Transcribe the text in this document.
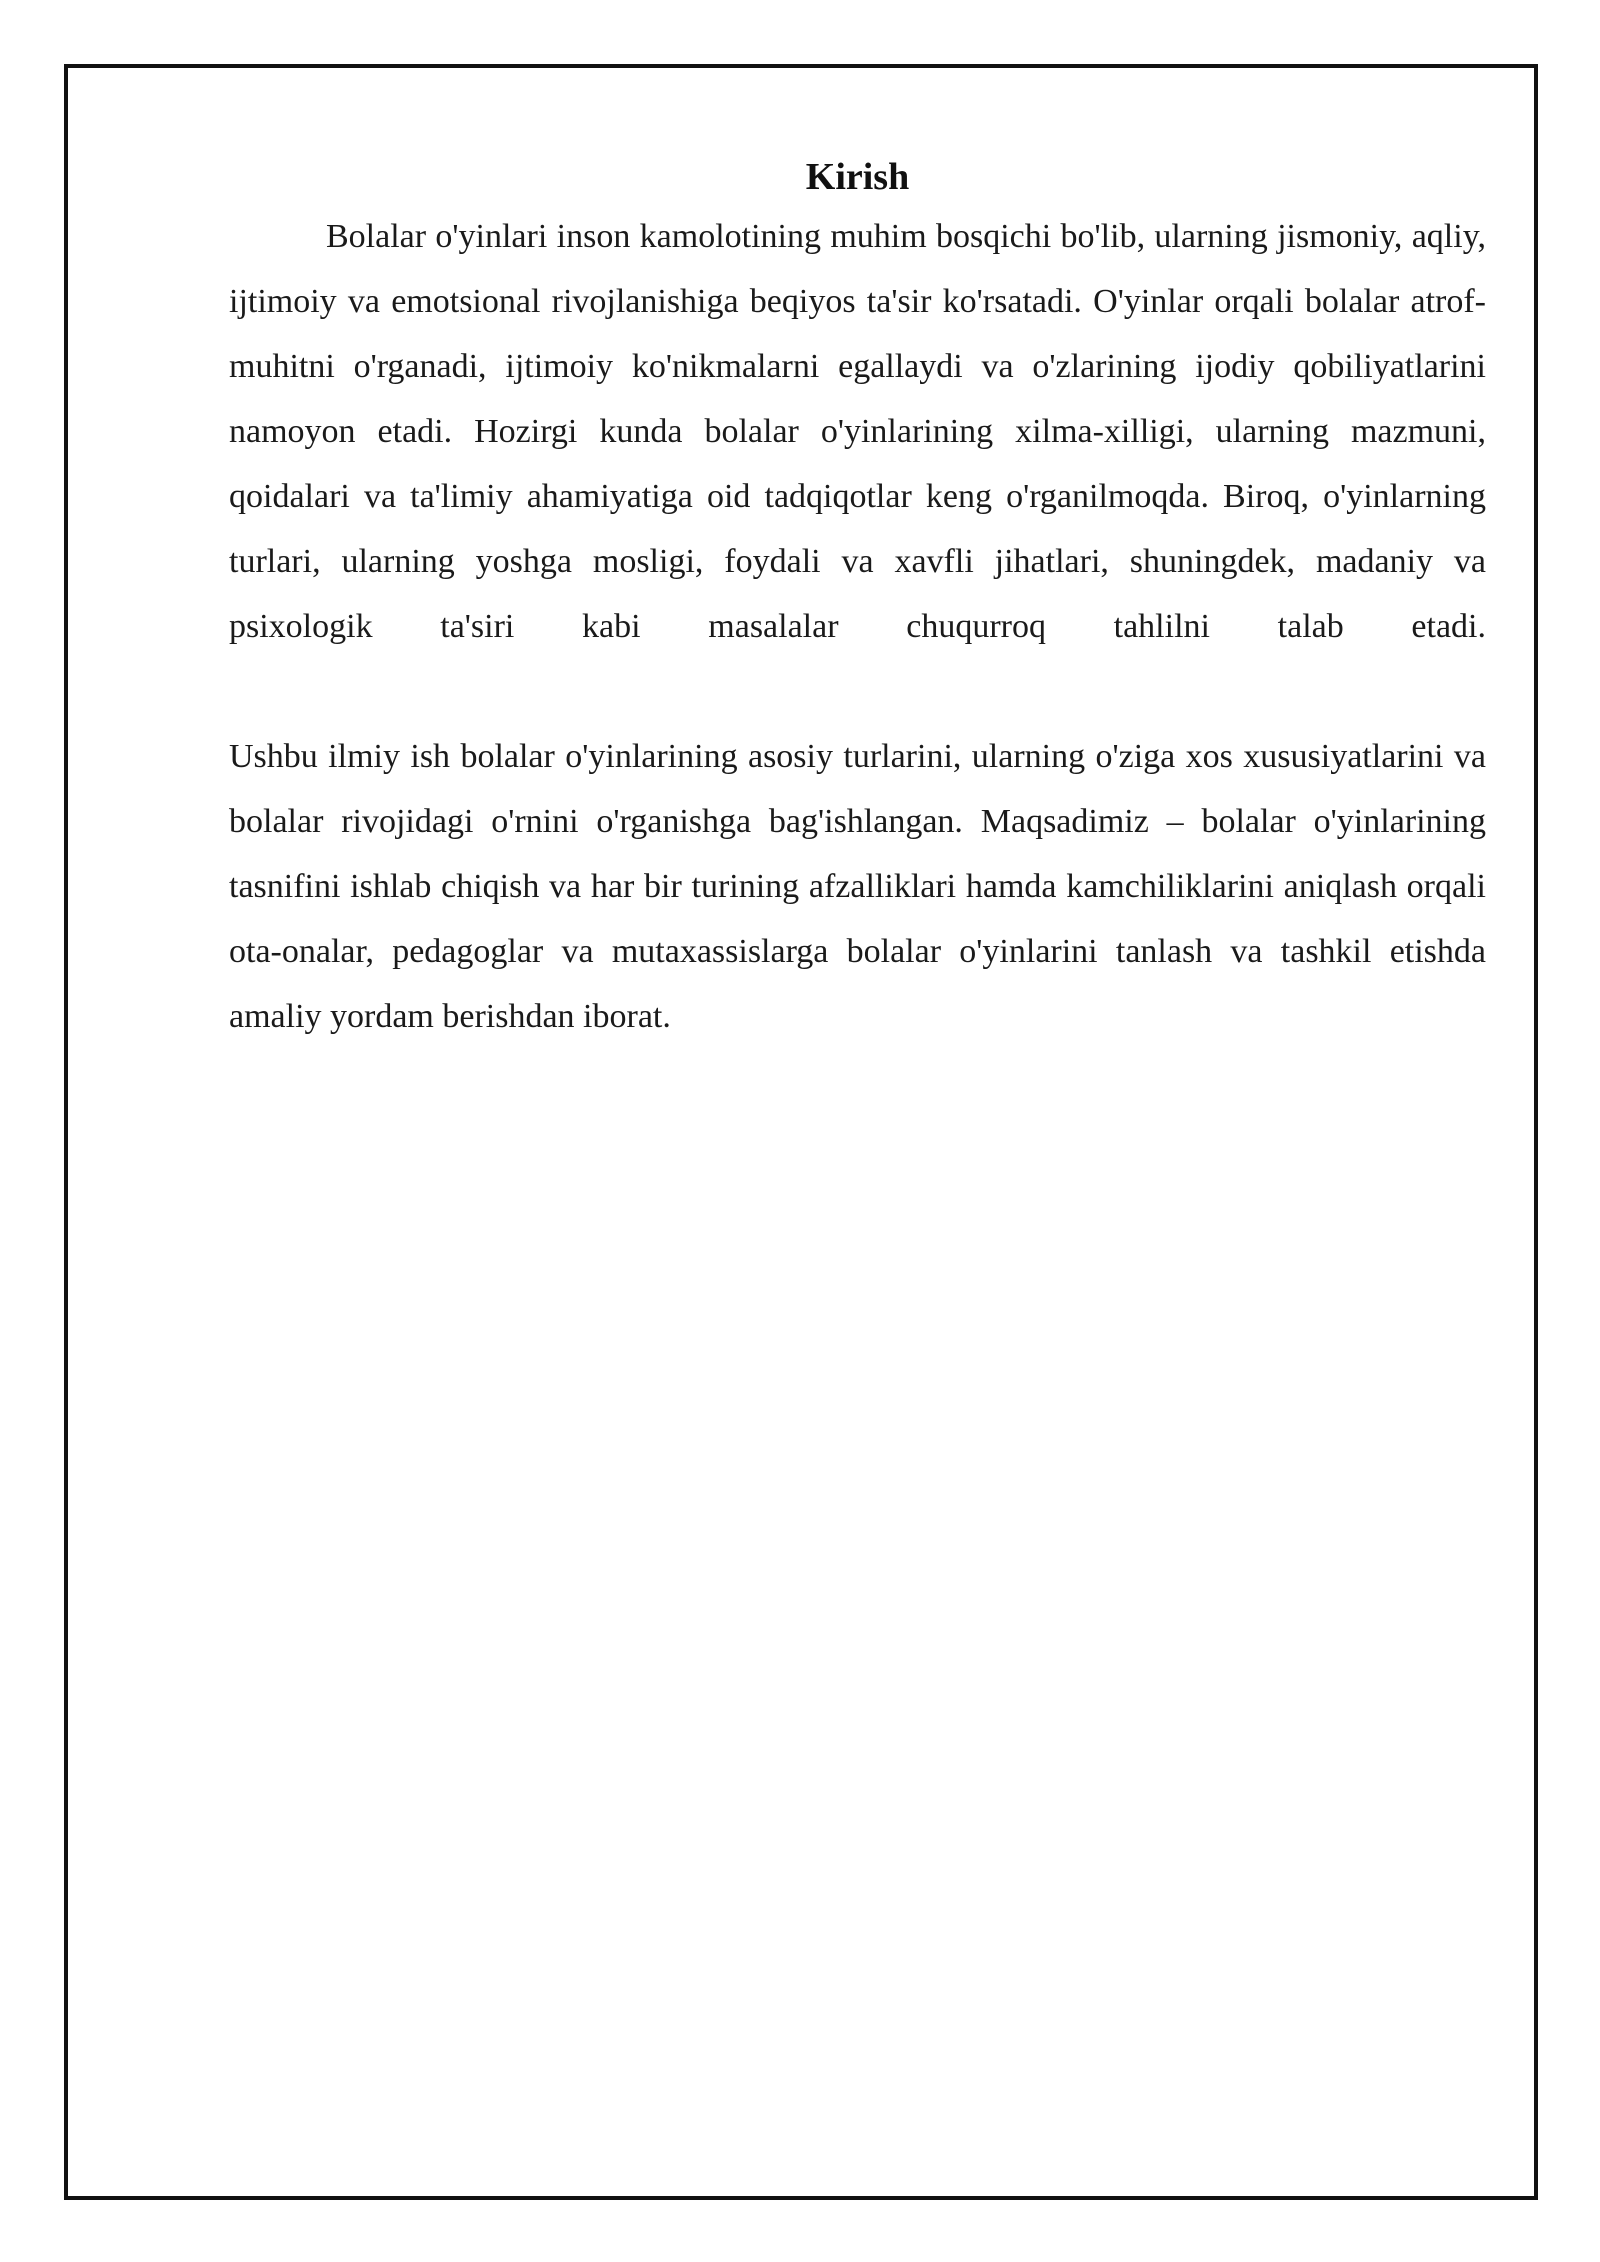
Kirish

Bolalar o'yinlari inson kamolotining muhim bosqichi bo'lib, ularning jismoniy, aqliy, ijtimoiy va emotsional rivojlanishiga beqiyos ta'sir ko'rsatadi. O'yinlar orqali bolalar atrof-muhitni o'rganadi, ijtimoiy ko'nikmalarni egallaydi va o'zlarining ijodiy qobiliyatlarini namoyon etadi. Hozirgi kunda bolalar o'yinlarining xilma-xilligi, ularning mazmuni, qoidalari va ta'limiy ahamiyatiga oid tadqiqotlar keng o'rganilmoqda. Biroq, o'yinlarning turlari, ularning yoshga mosligi, foydali va xavfli jihatlari, shuningdek, madaniy va psixologik ta'siri kabi masalalar chuqurroq tahlilni talab etadi.

Ushbu ilmiy ish bolalar o'yinlarining asosiy turlarini, ularning o'ziga xos xususiyatlarini va bolalar rivojidagi o'rnini o'rganishga bag'ishlangan. Maqsadimiz – bolalar o'yinlarining tasnifini ishlab chiqish va har bir turining afzalliklari hamda kamchiliklarini aniqlash orqali ota-onalar, pedagoglar va mutaxassislarga bolalar o'yinlarini tanlash va tashkil etishda amaliy yordam berishdan iborat.
